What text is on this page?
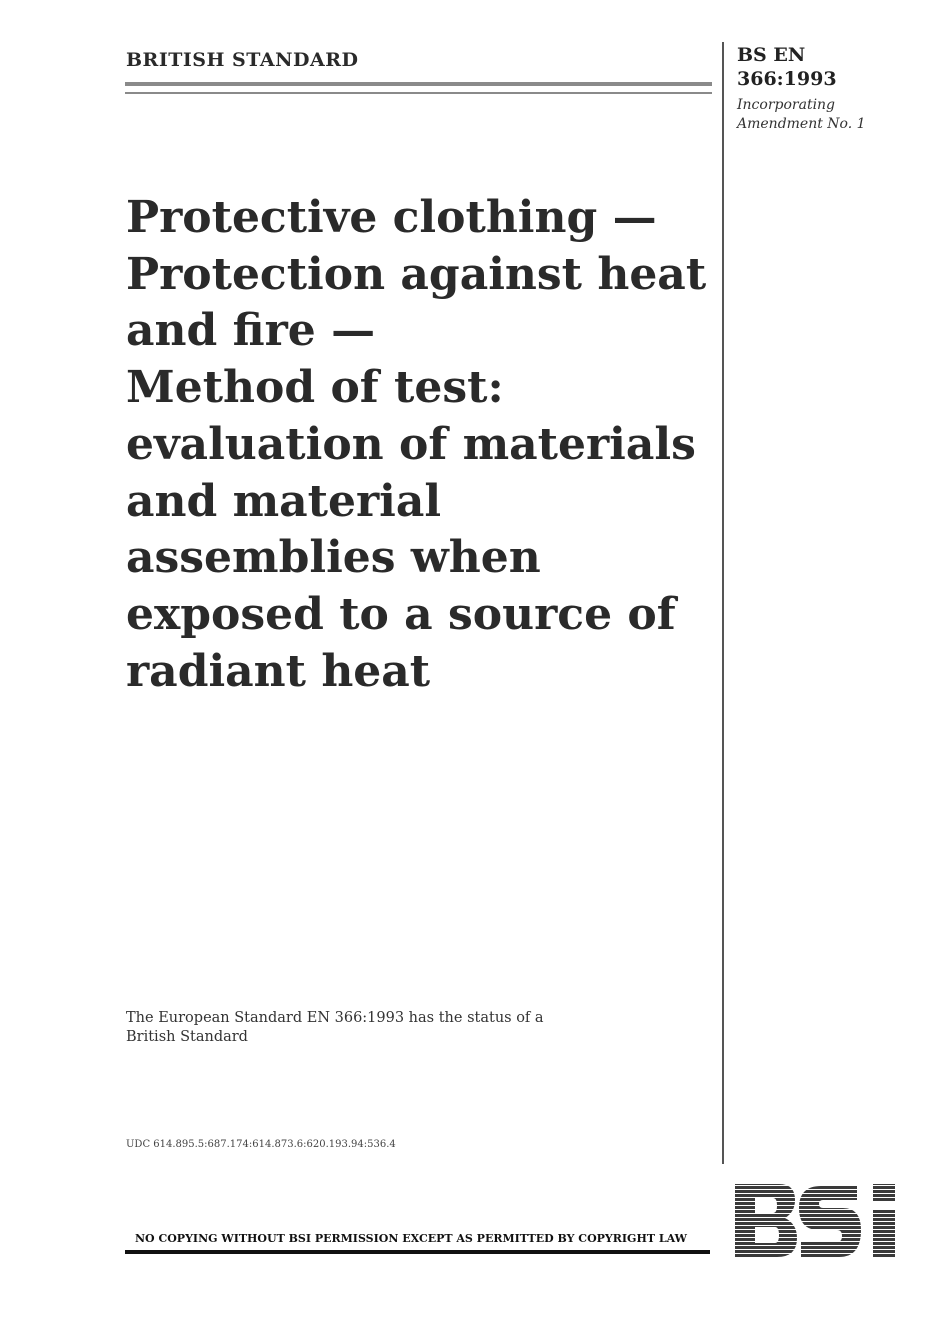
BRITISH STANDARD	BS EN
366:1993
Incorporating
Amendment No. 1
Protective clothing —
Protection against heat
and fire —
Method of test:
evaluation of materials
and material
assemblies when
exposed to a source of
radiant heat
The European Standard EN 366:1993 has the status of a
British Standard
UDC 614.895.5:687.174:614.873.6:620.193.94:536.4
NO COPYING WITHOUT BSI PERMISSION EXCEPT AS PERMITTED BY COPYRIGHT LAW
